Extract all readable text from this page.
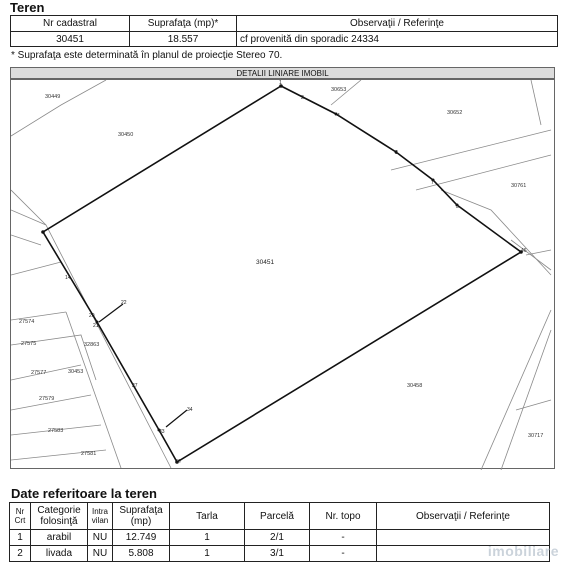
Teren
Nr cadastral	Suprafaţa (mp)*	Observaţii / Referinţe
30451	18.557	cf provenită din sporadic 24334
* Suprafaţa este determinată în planul de proiecţie Stereo 70.
DETALII LINIARE IMOBIL
30449
30450
30652
30653
30761
30458
27574
27575
27577
27579
27583
27581
32863
30453
30717
30451
1
2
3
4
5
7
14
20
21
22
27
33
34
37
46
Date referitoare la teren
Nr Crt	Categorie folosinţă	Intra vilan	Suprafaţa (mp)	Tarla	Parcelă	Nr. topo	Observaţii / Referinţe
1	arabil	NU	12.749	1	2/1	-	
2	livada	NU	5.808	1	3/1	-		imobiliare
